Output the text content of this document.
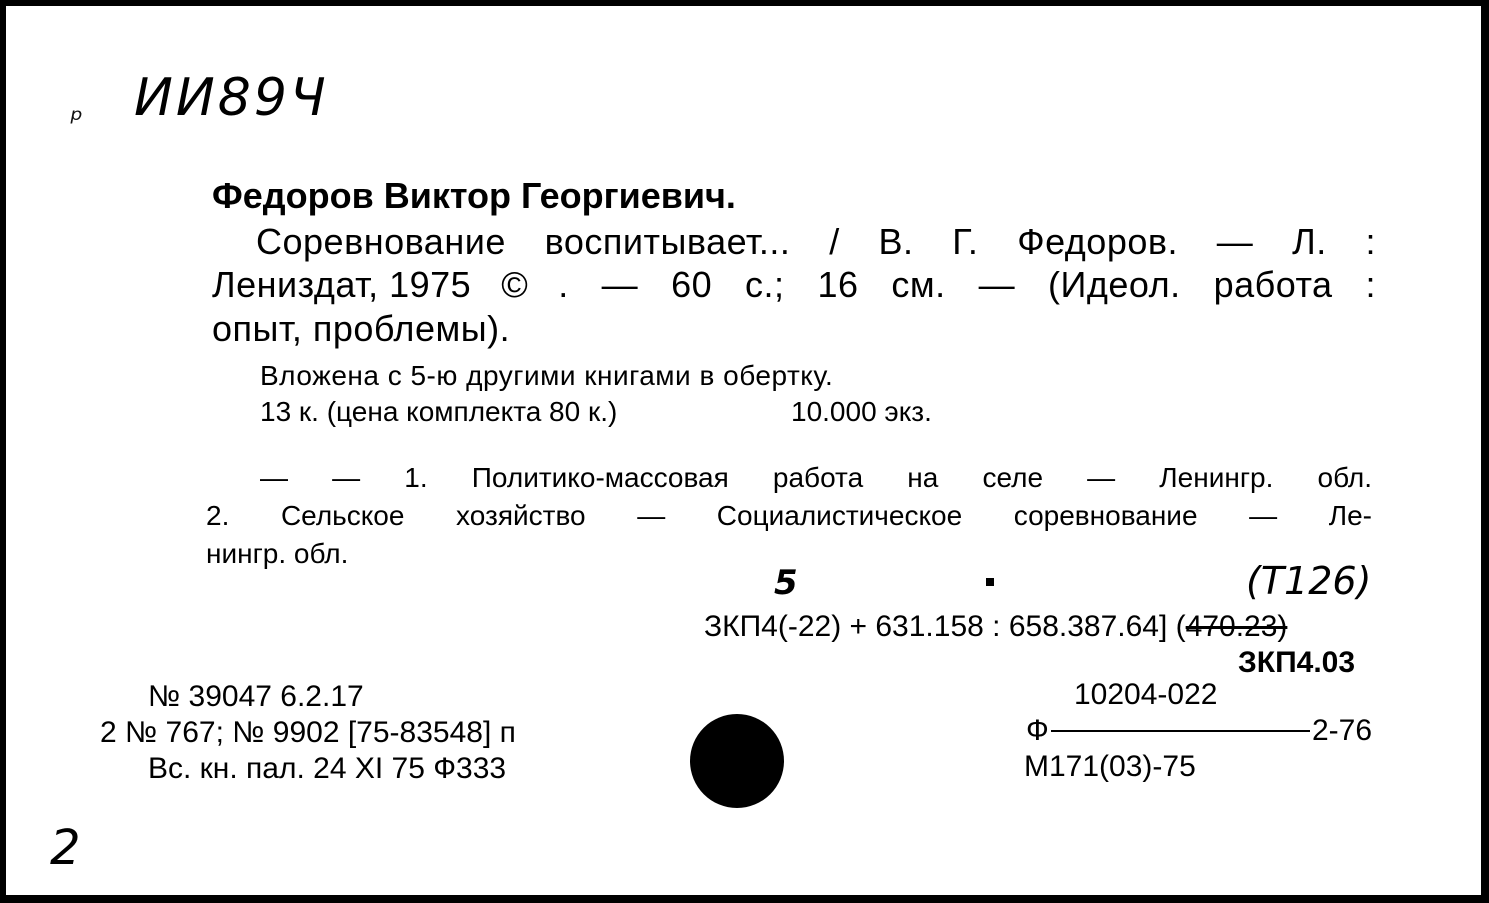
ᵖ ИИ89Ч
Федоров Виктор Георгиевич.
Соревнование воспитывает... / В. Г. Федоров. — Л. :
Лениздат, 1975 © . — 60 с.; 16 см. — (Идеол. работа :
опыт, проблемы).
Вложена с 5-ю другими книгами в обертку.
13 к. (цена комплекта 80 к.)	10.000 экз.
— — 1. Политико-массовая работа на селе — Ленингр. обл.
2. Сельское хозяйство — Социалистическое соревнование — Ле-
нингр. обл.
5	(Т126)
ЗКП4(-22) + 631.158 : 658.387.64] (470.23)
ЗКП4.03
№ 39047 6.2.17
2 № 767; № 9902 [75-83548] п
Вс. кн. пал. 24 XI 75 Ф333
10204-022
Ф	2-76
М171(03)-75
2
